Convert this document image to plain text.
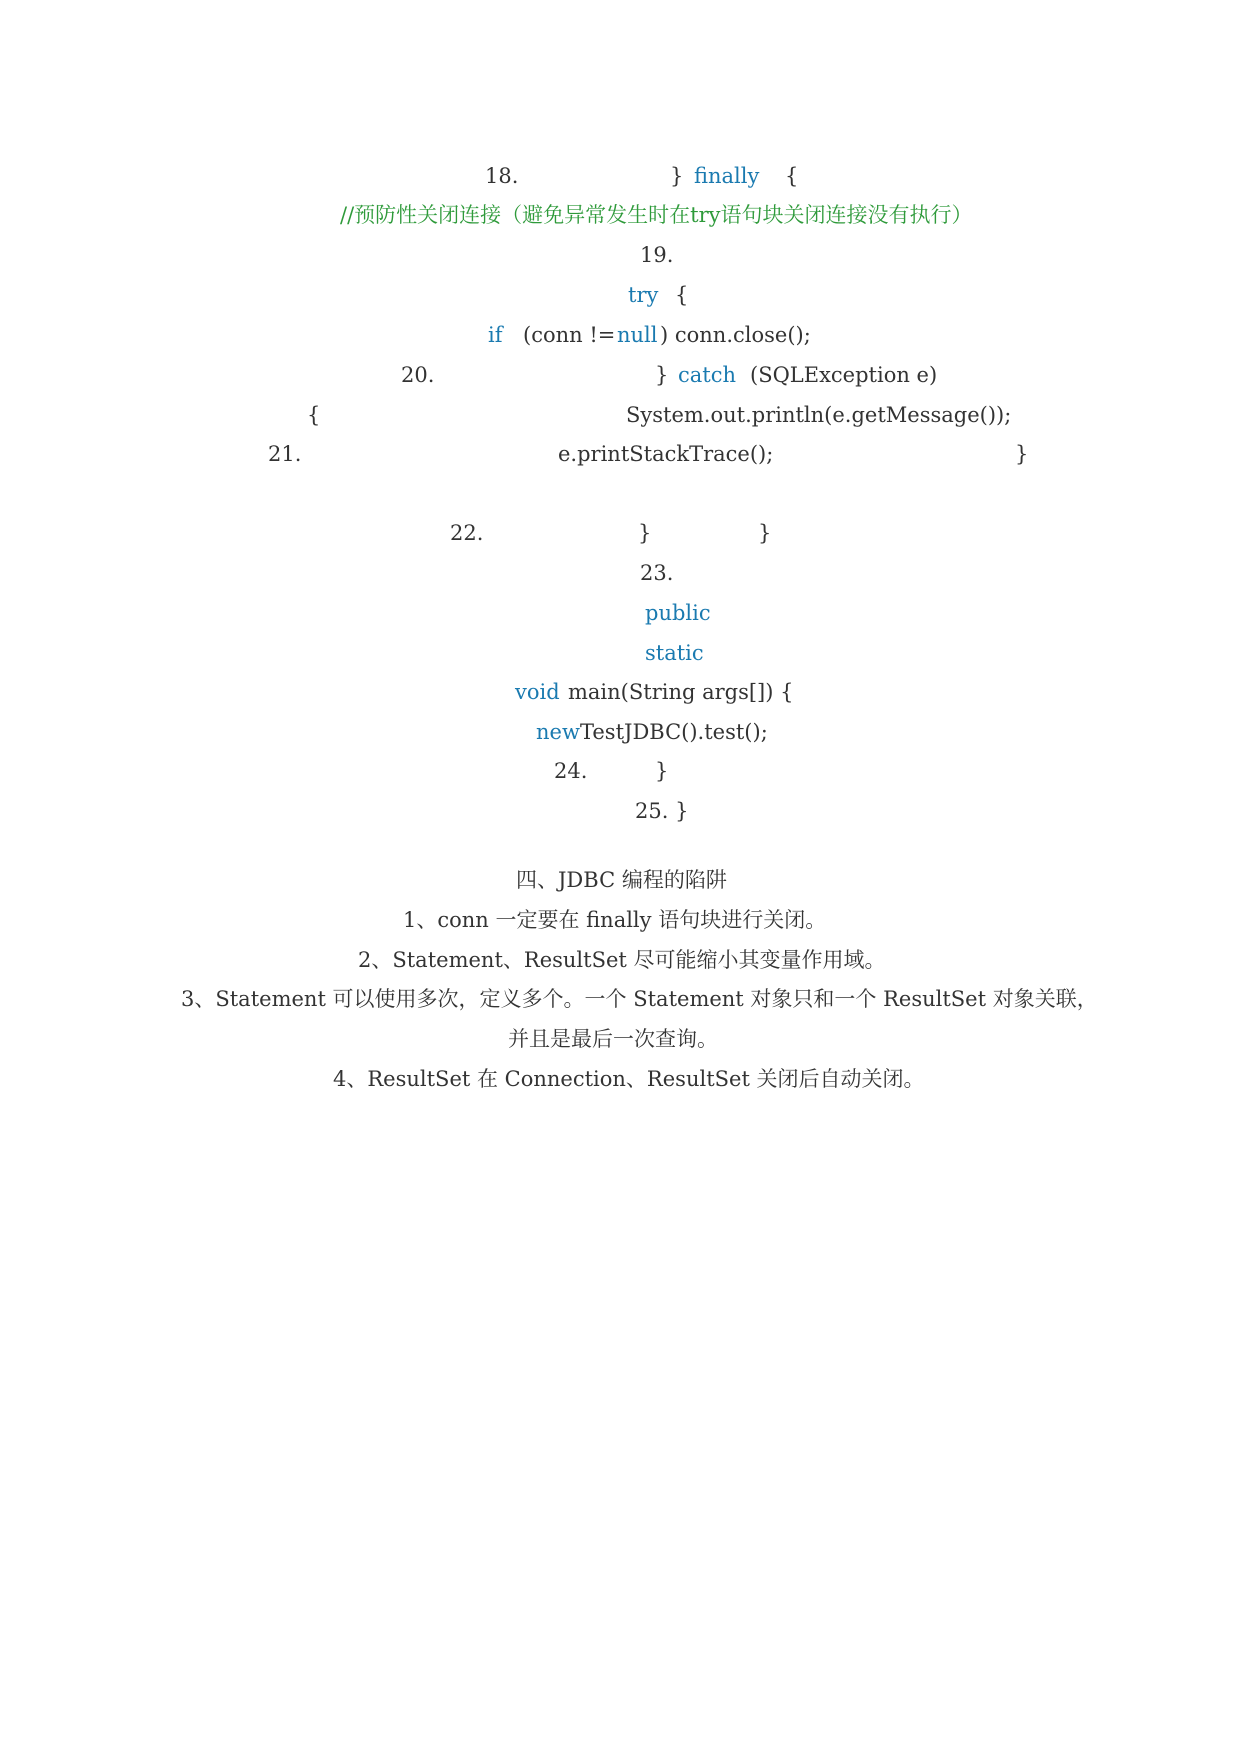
18.	} finally {
//预防性关闭连接（避免异常发生时在try语句块关闭连接没有执行）
19.
try {
if (conn != null ) conn.close();
20.	} catch (SQLException e)
{	System.out.println(e.getMessage());
21.	e.printStackTrace();	}
22.	}	}
23.
public
static
void main(String args[]) {
new TestJDBC().test();
24.	}
25. }
四、JDBC 编程的陷阱
1、conn 一定要在 finally 语句块进行关闭。
2、Statement、ResultSet 尽可能缩小其变量作用域。
3、Statement 可以使用多次，定义多个。一个 Statement 对象只和一个 ResultSet 对象关联，
并且是最后一次查询。
4、ResultSet 在 Connection、ResultSet 关闭后自动关闭。
